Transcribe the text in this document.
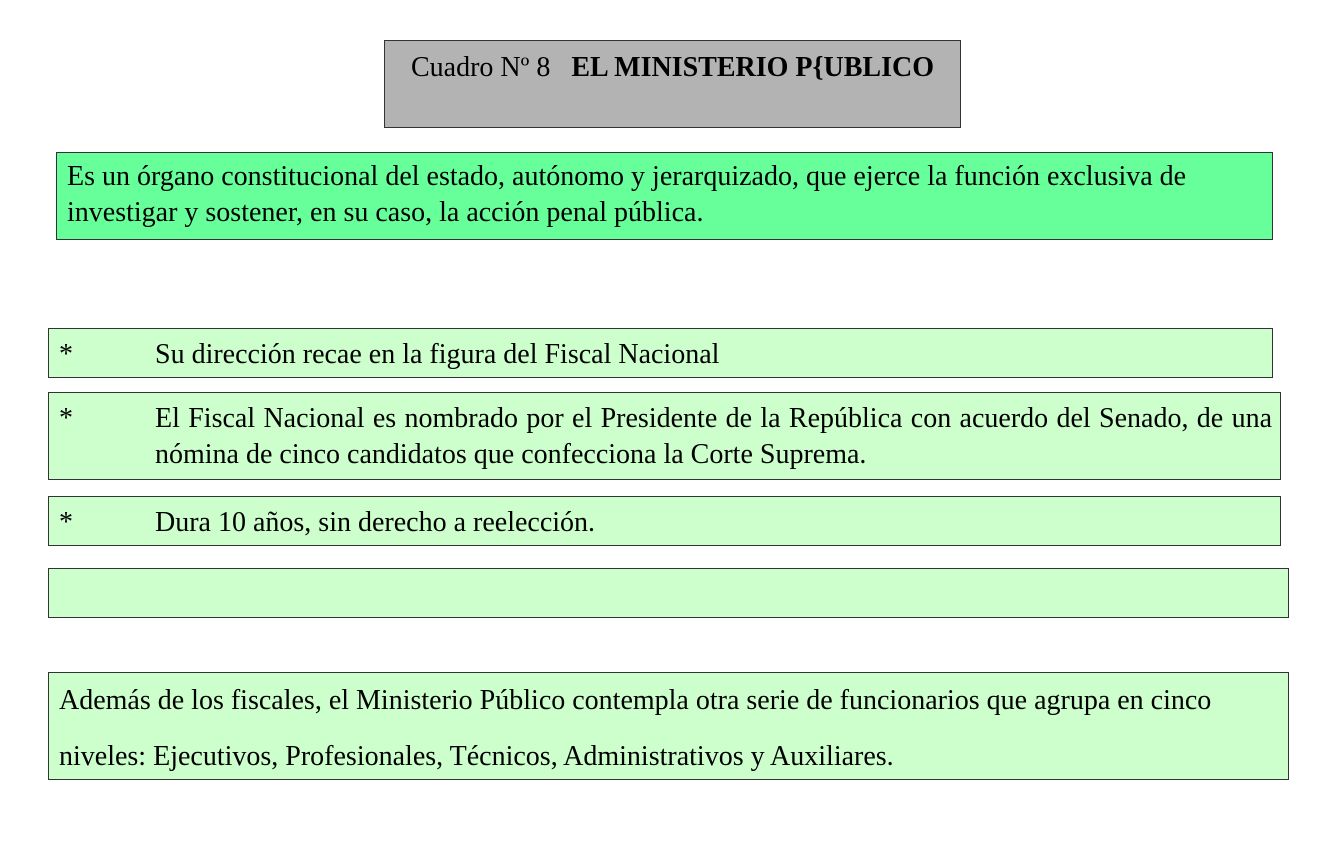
Cuadro Nº 8 EL MINISTERIO P{UBLICO
Es un órgano constitucional del estado, autónomo y jerarquizado, que ejerce la función exclusiva de investigar y sostener, en su caso, la acción penal pública.
*	Su dirección recae en la figura del Fiscal Nacional
*	El Fiscal Nacional es nombrado por el Presidente de la República con acuerdo del Senado, de una nómina de cinco candidatos que confecciona la Corte Suprema.
*	Dura 10 años, sin derecho a reelección.
Además de los fiscales, el Ministerio Público contempla otra serie de funcionarios que agrupa en cinco niveles: Ejecutivos, Profesionales, Técnicos, Administrativos y Auxiliares.
